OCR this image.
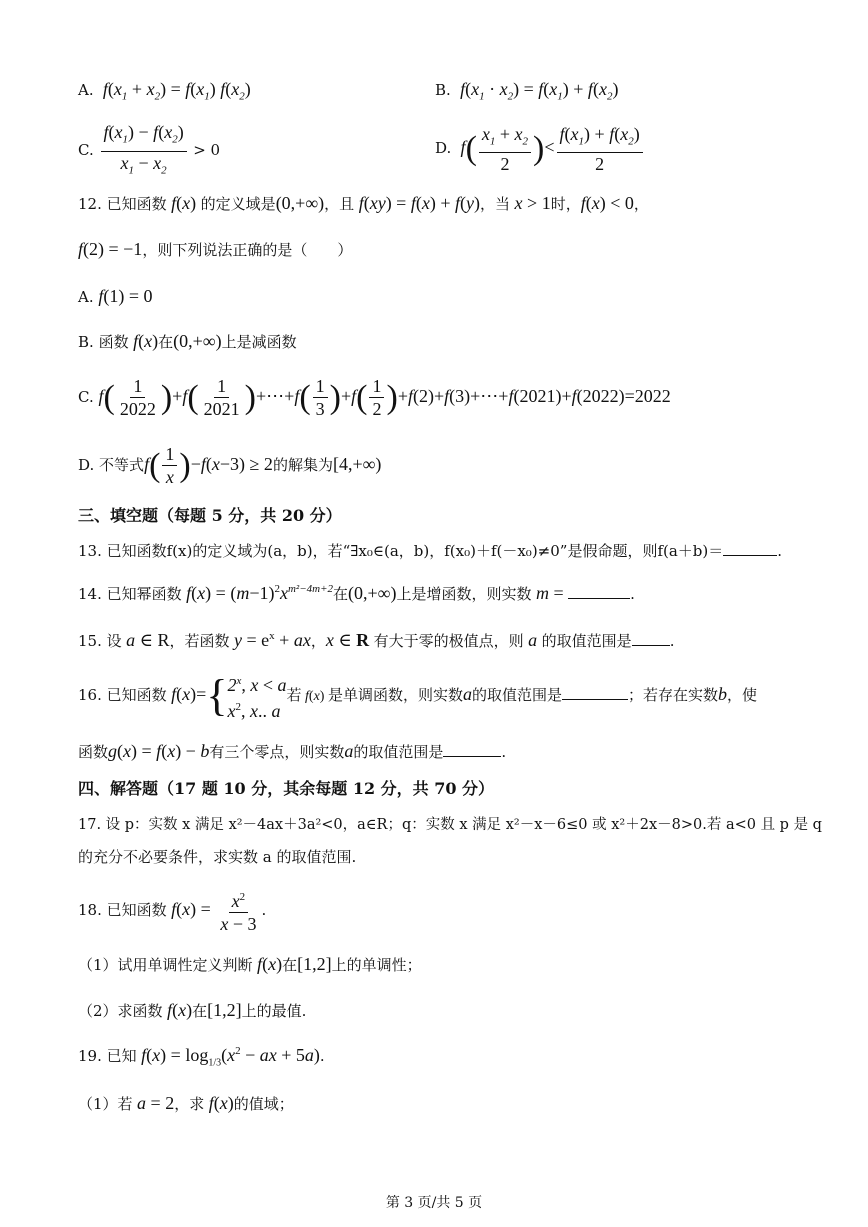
A.  $f(x_1 + x_2) = f(x_1)$ $f(x_2)$	B.  $f(x_1 \cdot x_2) = f(x_1) + f(x_2)$
C. $\frac{f(x_1) - f(x_2)}{x_1 - x_2} > 0$	D.  $f( \frac{x_1 + x_2}{2}$ )< $\frac{f(x_1) + f(x_2)}{2}$
12. 已知函数 f(x) 的定义域是(0,+∞)，且 f(xy) = f(x) + f(y)，当 x > 1时，f(x) < 0，
f(2) = −1，则下列说法正确的是（　　）
A. f(1) = 0
B. 函数 f(x)在(0,+∞)上是减函数
C. $f( \frac{1}{2022} )+f( \frac{1}{2021}$ )+⋯+f( $\frac{1}{3} )+f( \frac{1}{2}$ )+f(2)+f(3)+⋯+f(2021)+f(2022)=2022
D. 不等式$f( \frac{1}{x} )-f(x-3) \ge 2$的解集为[4,+∞)
三、填空题（每题 5 分，共 20 分）
13. 已知函数f(x)的定义域为(a，b)，若“∃x₀∈(a，b)，f(x₀)＋f(－x₀)≠0”是假命题，则f(a＋b)＝	.
14. 已知幂函数 $f(x) = (m-1)^2x^{m^2-4m+2}$在(0,+∞)上是增函数，则实数 m =	.
15. 设 a ∈ R，若函数 $y = e^x$ + ax，x ∈ R 有大于零的极值点，则 a 的取值范围是	.
16. 已知函数 f(x)= { 2$^x$, x < a
$x^2$, x.. a
若 f(x) 是单调函数，则实数a的取值范围是	；若存在实数b，使
函数g(x) = f(x) − b有三个零点，则实数a的取值范围是	.
四、解答题（17 题 10 分，其余每题 12 分，共 70 分）
17. 设 p：实数 x 满足 x²－4ax＋3a²<0，a∈R；q：实数 x 满足 x²－x－6≤0 或 x²＋2x－8>0.若 a<0 且 p 是 q
的充分不必要条件，求实数 a 的取值范围.
18. 已知函数 $f(x) = \frac{x^2}{x - 3}$ .
（1）试用单调性定义判断 f(x)在[1,2]上的单调性；
（2）求函数 f(x)在[1,2]上的最值.
19. 已知 $f(x) = \log_{1/3}(x^2$ − ax + 5a).
（1）若 a = 2，求 f(x)的值域；
第 3 页/共 5 页
